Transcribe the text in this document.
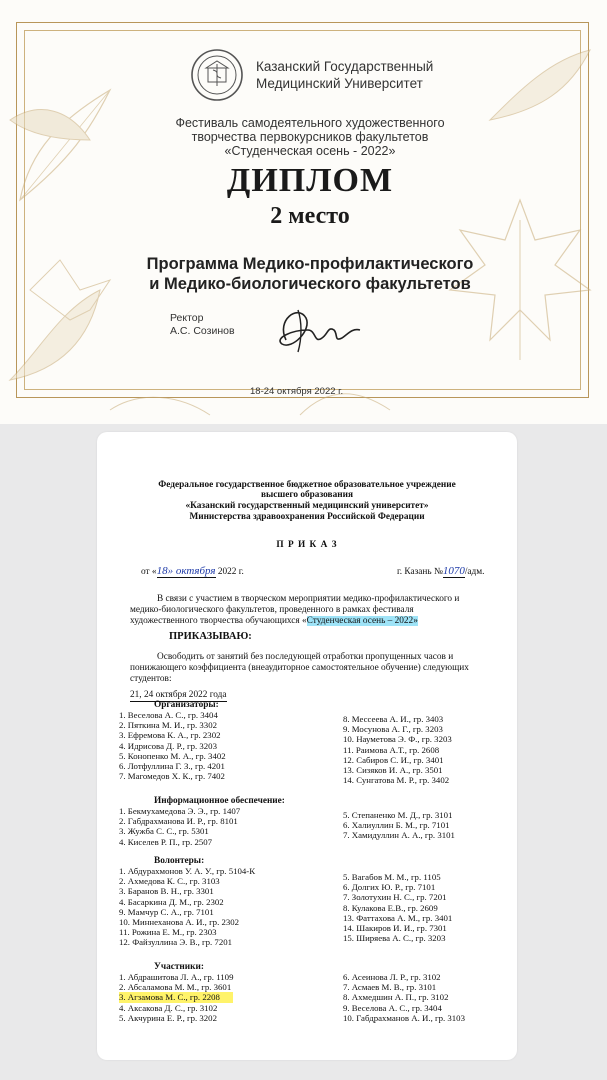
Казанский Государственный
Медицинский Университет
Фестиваль самодеятельного художественного
творчества первокурсников факультетов
«Студенческая осень - 2022»
ДИПЛОМ
2 место
Программа Медико-профилактического
и Медико-биологического факультетов
Ректор
А.С. Созинов
18-24 октября 2022 г.
Федеральное государственное бюджетное образовательное учреждение
высшего образования
«Казанский государственный медицинский университет»
Министерства здравоохранения Российской Федерации
П Р И К А З
от «18» октября 2022 г.	г. Казань №1070/адм.
В связи с участием в творческом мероприятии медико-профилактического и
медико-биологического факультетов, проведенного в рамках фестиваля
художественного творчества обучающихся «Студенческая осень – 2022»
ПРИКАЗЫВАЮ:
Освободить от занятий без последующей отработки пропущенных часов и
понижающего коэффициента (внеаудиторное самостоятельное обучение) следующих
студентов:
21, 24 октября 2022 года
Организаторы:
1. Веселова А. С., гр. 3404
2. Пяткина М. И., гр. 3302
3. Ефремова К. А., гр. 2302
4. Идрисова Д. Р., гр. 3203
5. Конопенко М. А., гр. 3402
6. Лотфуллина Г. З., гр. 4201
7. Магомедов Х. К., гр. 7402
8. Мессеева А. И., гр. 3403
9. Мосунова А. Г., гр. 3203
10. Науметова Э. Ф., гр. 3203
11. Раимова А.Т., гр. 2608
12. Сабиров С. И., гр. 3401
13. Сизяков И. А., гр. 3501
14. Сунгатова М. Р., гр. 3402
Информационное обеспечение:
1. Бекмухамедова Э. Э., гр. 1407
2. Габдрахманова И. Р., гр. 8101
3. Жужба С. С., гр. 5301
4. Киселев Р. П., гр. 2507
5. Степаненко М. Д., гр. 3101
6. Халиуллин Б. М., гр. 7101
7. Хамидуллин А. А., гр. 3101
Волонтеры:
1. Абдурахмонов У. А. У., гр. 5104-К
2. Ахмедова К. С., гр. 3103
3. Баранов В. Н., гр. 3301
4. Басаркина Д. М., гр. 2302
9. Мамчур С. А., гр. 7101
10. Миннеханова А. И., гр. 2302
11. Рожина Е. М., гр. 2303
12. Файзуллина Э. В., гр. 7201
5. Вагабов М. М., гр. 1105
6. Долгих Ю. Р., гр. 7101
7. Золотухин Н. С., гр. 7201
8. Кулакова Е.В., гр. 2609
13. Фаттахова А. М., гр. 3401
14. Шакиров И. И., гр. 7301
15. Ширяева А. С., гр. 3203
Участники:
1. Абдрашитова Л. А., гр. 1109
2. Абсаламова М. М., гр. 3601
3. Агзамова М. С., гр. 2208
4. Аксакова Д. С., гр. 3102
5. Акчурина Е. Р., гр. 3202
6. Асеинова Л. Р., гр. 3102
7. Асмаев М. В., гр. 3101
8. Ахмедшин А. П., гр. 3102
9. Веселова А. С., гр. 3404
10. Габдрахманов А. И., гр. 3103
